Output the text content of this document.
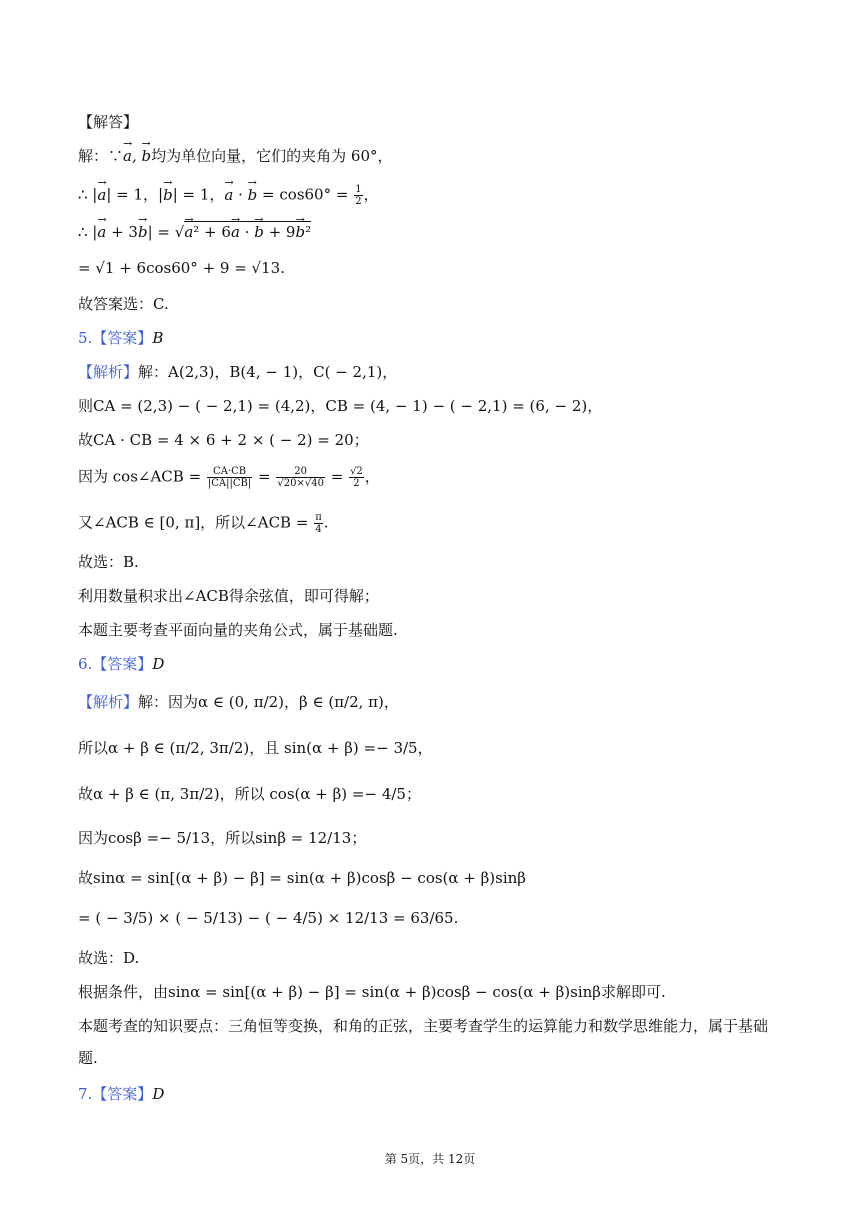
【解答】
解：∵→ a, → b均为单位向量，它们的夹角为 60°，
∴ |→ a| = 1，|→ b| = 1，→ a · → $b = \cos 60^\circ = \frac{1}{2}$ ，
∴ |→ a + 3→ b| = √→ a² + 6→ a · → b + 9→ b²
= √1 + 6cos60° + 9 = √13.
故答案选：C.
5.【答案】B
【解析】解：A(2,3)，B(4, − 1)，C( − 2,1)，
则CA = (2,3) − ( − 2,1) = (4,2)，CB = (4, − 1) − ( − 2,1) = (6, − 2)，
故CA · CB = 4 × 6 + 2 × ( − 2) = 20；
因为 cos∠ACB = $\frac{CA\cdot CB}{|CA||CB|} = \frac{20}{√20\times√40} = \frac{√2}{2}$ ，
又∠ACB ∈ [0, π]，所以∠ACB = $\frac{\pi}{4}$ .
故选：B.
利用数量积求出∠ACB得余弦值，即可得解；
本题主要考查平面向量的夹角公式，属于基础题.
6.【答案】D
【解析】解：因为α ∈ (0, π/2)，β ∈ (π/2, π)，
所以α + β ∈ (π/2, 3π/2)，且 sin(α + β) =− 3/5，
故α + β ∈ (π, 3π/2)，所以 cos(α + β) =− 4/5；
因为cosβ =− 5/13，所以sinβ = 12/13；
故sinα = sin[(α + β) − β] = sin(α + β)cosβ − cos(α + β)sinβ
= ( − 3/5) × ( − 5/13) − ( − 4/5) × 12/13 = 63/65.
故选：D.
根据条件，由sinα = sin[(α + β) − β] = sin(α + β)cosβ − cos(α + β)sinβ求解即可.
本题考查的知识要点：三角恒等变换，和角的正弦，主要考查学生的运算能力和数学思维能力，属于基础
题.
7.【答案】D
第 5页，共 12页
